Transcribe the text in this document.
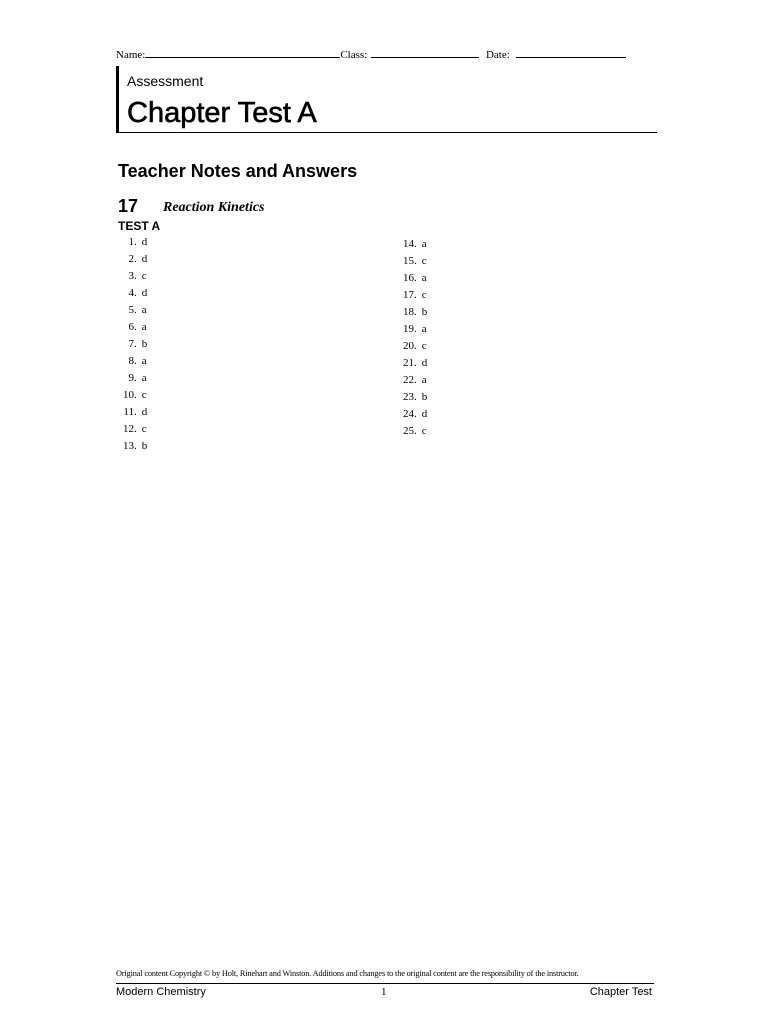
Name:	Class:	Date:
Assessment
Chapter Test A
Teacher Notes and Answers
17 Reaction Kinetics
TEST A
1. d
2. d
3. c
4. d
5. a
6. a
7. b
8. a
9. a
10. c
11. d
12. c
13. b
14. a
15. c
16. a
17. c
18. b
19. a
20. c
21. d
22. a
23. b
24. d
25. c
Original content Copyright © by Holt, Rinehart and Winston. Additions and changes to the original content are the responsibility of the instructor.
Modern Chemistry	1	Chapter Test
